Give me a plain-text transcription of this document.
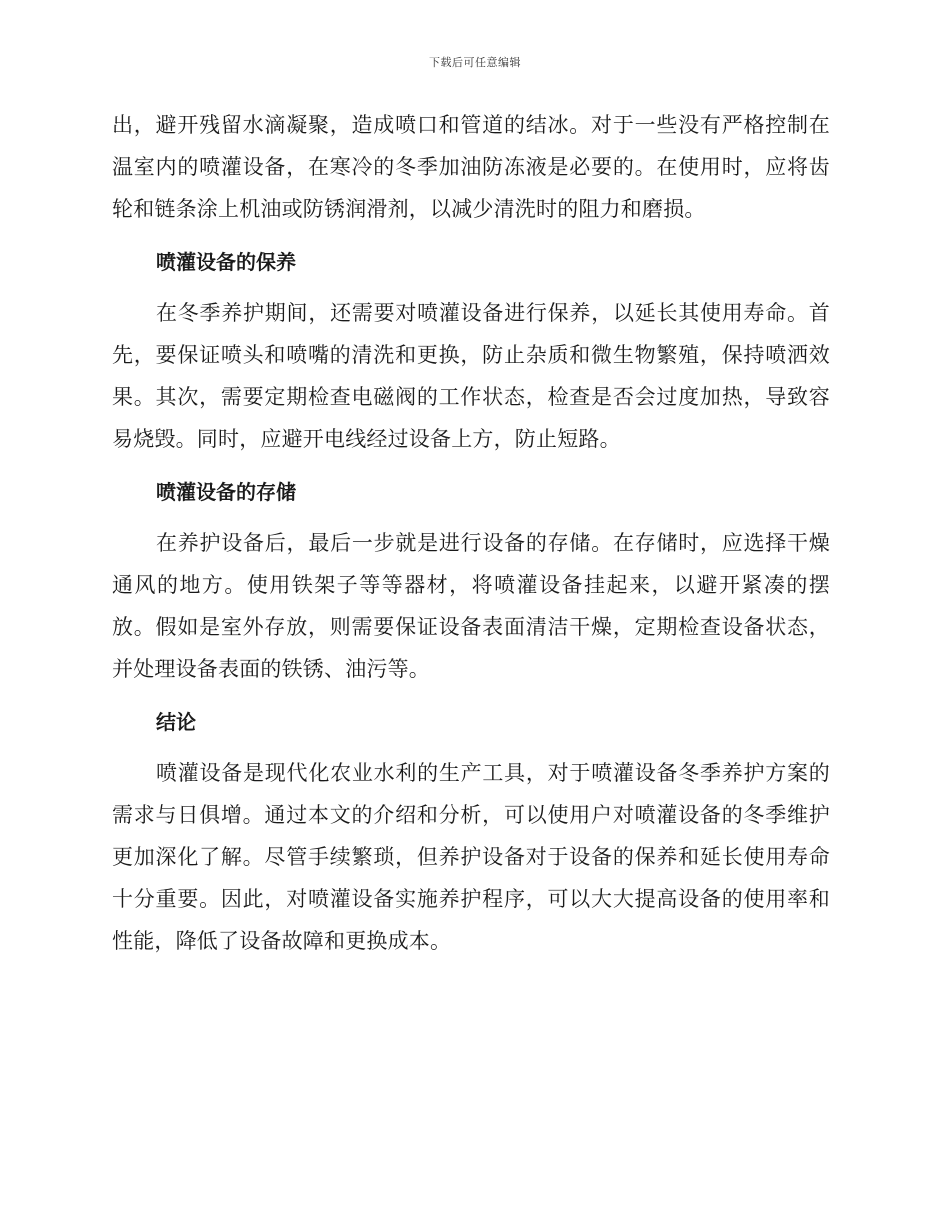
下载后可任意编辑

出，避开残留水滴凝聚，造成喷口和管道的结冰。对于一些没有严格控制在温室内的喷灌设备，在寒冷的冬季加油防冻液是必要的。在使用时，应将齿轮和链条涂上机油或防锈润滑剂，以减少清洗时的阻力和磨损。

喷灌设备的保养

在冬季养护期间，还需要对喷灌设备进行保养，以延长其使用寿命。首先，要保证喷头和喷嘴的清洗和更换，防止杂质和微生物繁殖，保持喷洒效果。其次，需要定期检查电磁阀的工作状态，检查是否会过度加热，导致容易烧毁。同时，应避开电线经过设备上方，防止短路。

喷灌设备的存储

在养护设备后，最后一步就是进行设备的存储。在存储时，应选择干燥通风的地方。使用铁架子等等器材，将喷灌设备挂起来，以避开紧凑的摆放。假如是室外存放，则需要保证设备表面清洁干燥，定期检查设备状态，并处理设备表面的铁锈、油污等。

结论

喷灌设备是现代化农业水利的生产工具，对于喷灌设备冬季养护方案的需求与日俱增。通过本文的介绍和分析，可以使用户对喷灌设备的冬季维护更加深化了解。尽管手续繁琐，但养护设备对于设备的保养和延长使用寿命十分重要。因此，对喷灌设备实施养护程序，可以大大提高设备的使用率和性能，降低了设备故障和更换成本。
